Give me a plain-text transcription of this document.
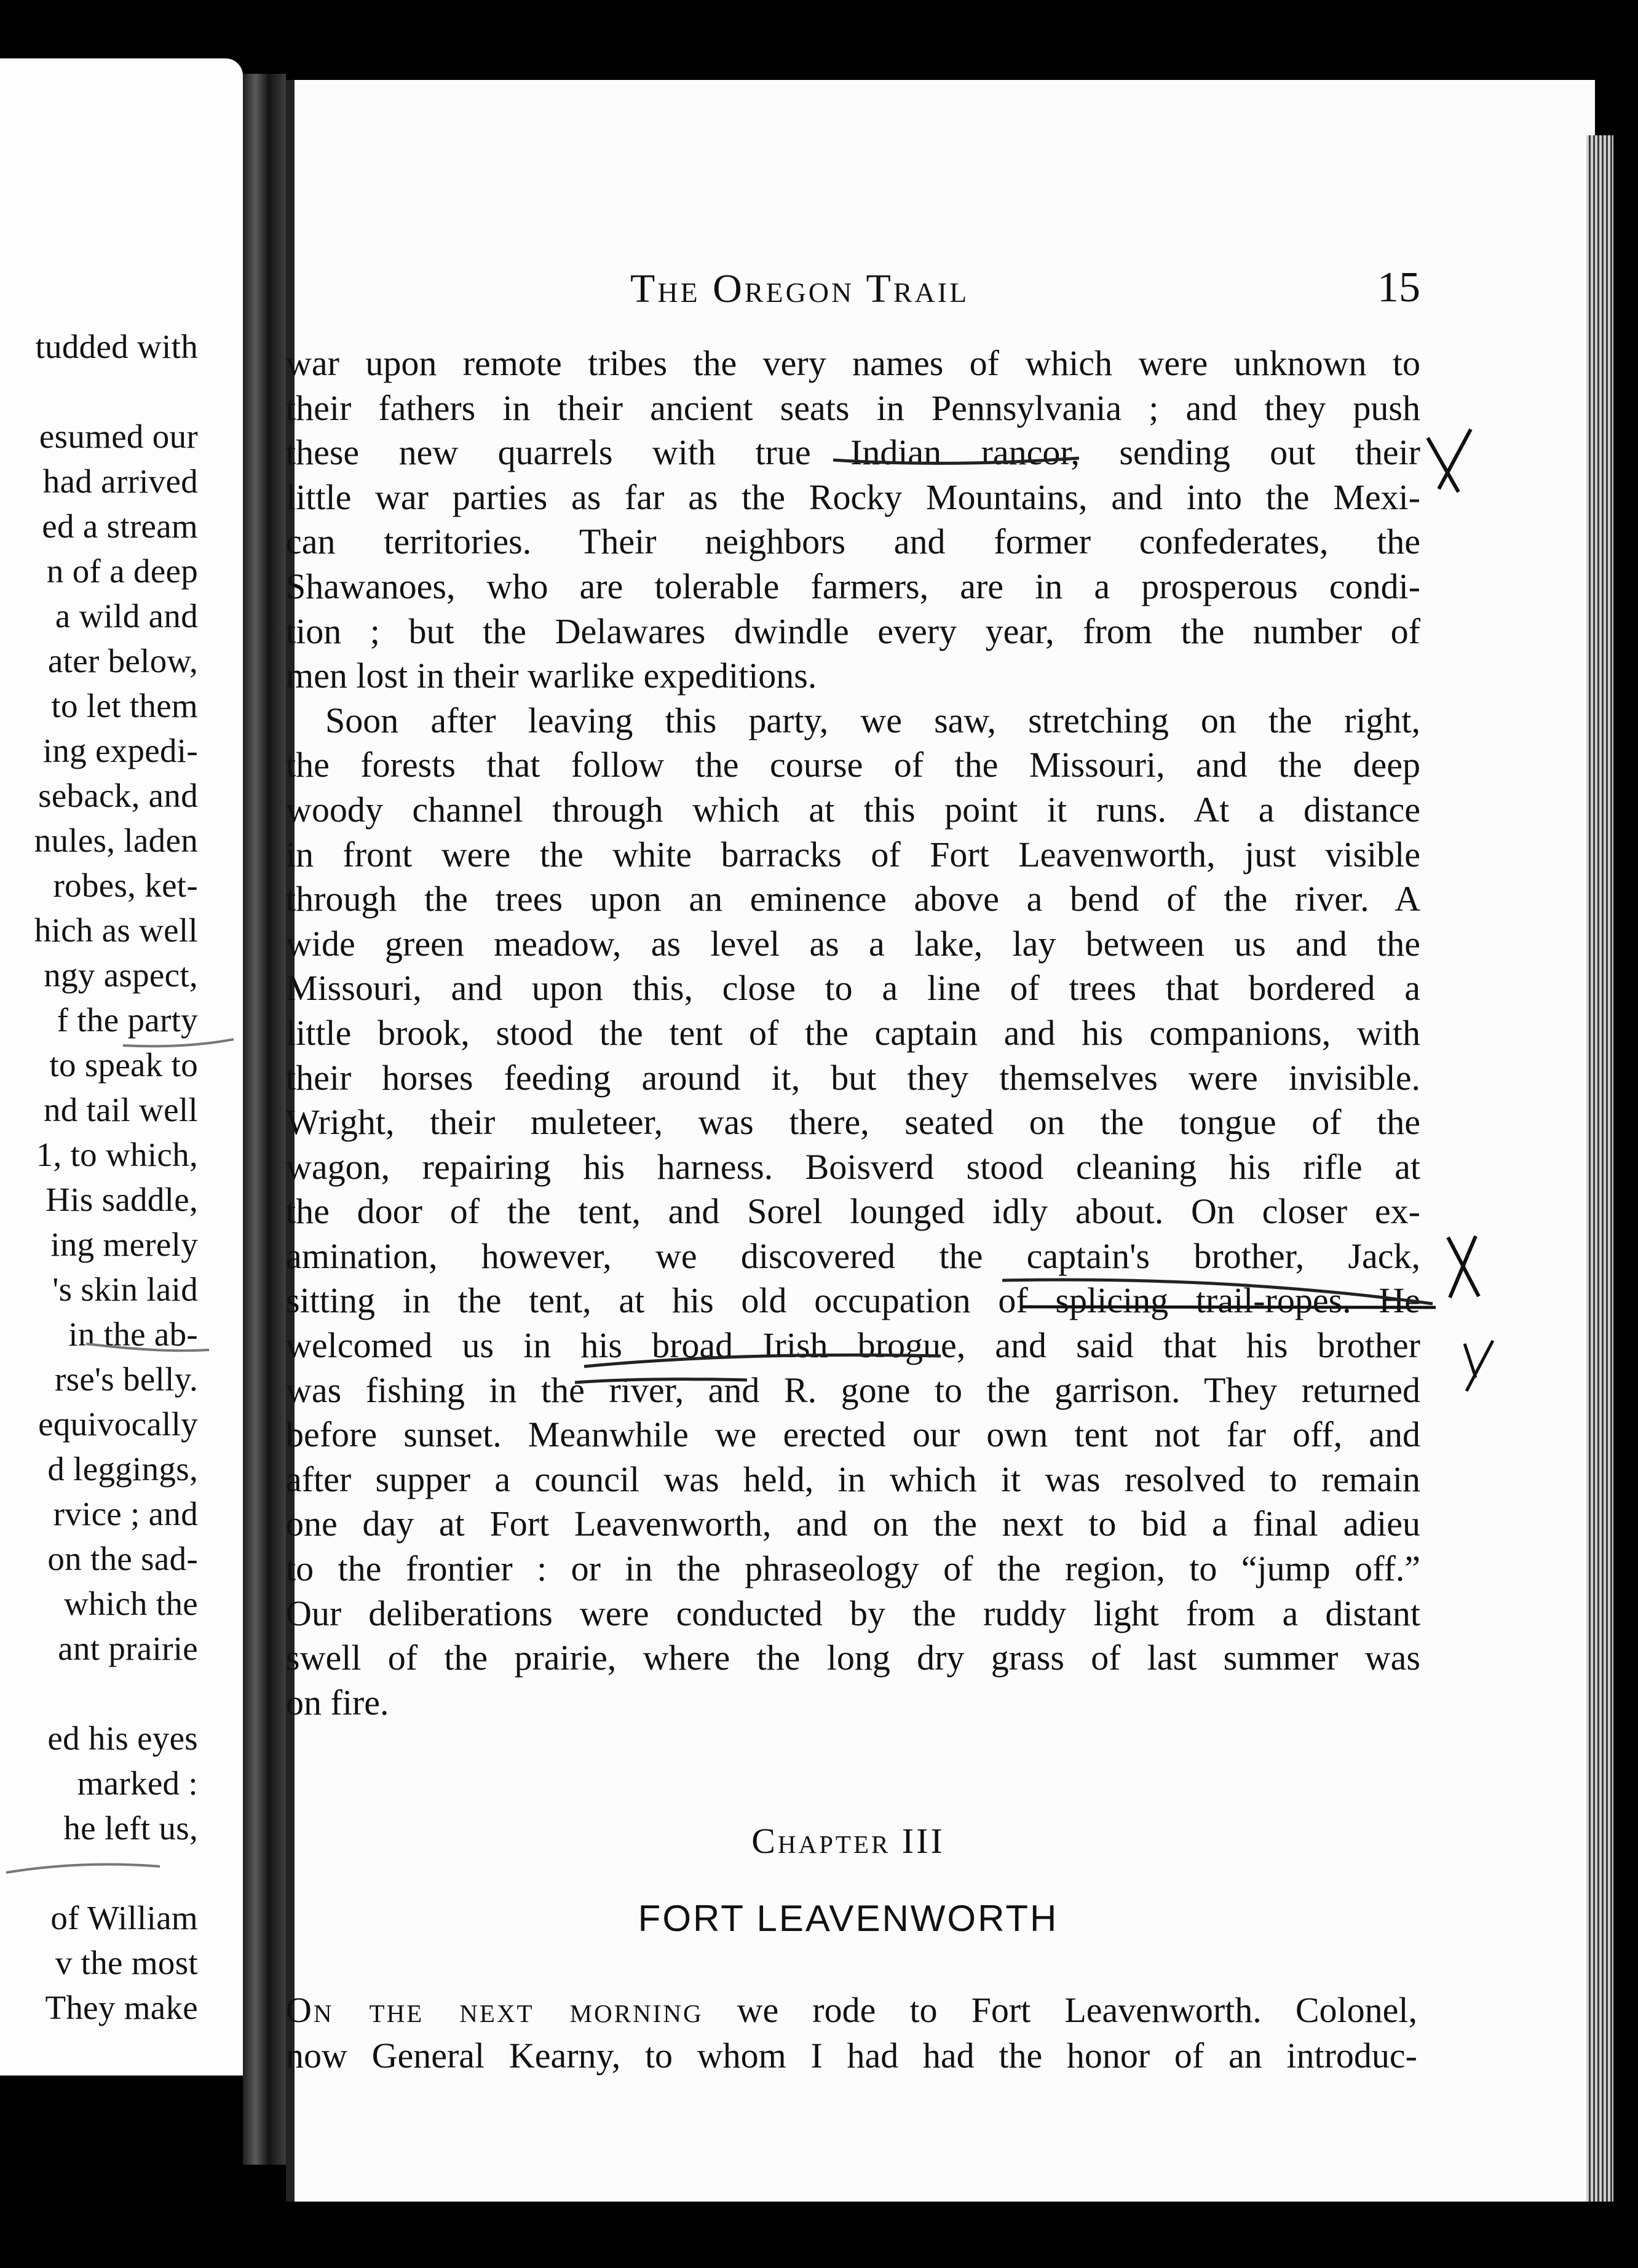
tudded with
esumed our
had arrived
ed a stream
n of a deep
a wild and
ater below,
to let them
ing expedi-
seback, and
nules, laden
robes, ket-
hich as well
ngy aspect,
f the party
to speak to
nd tail well
1, to which,
His saddle,
ing merely
's skin laid
in the ab-
rse's belly.
equivocally
d leggings,
rvice ; and
on the sad-
which the
ant prairie
ed his eyes
marked :
he left us,
of William
v the most
They make
The Oregon Trail	15
war upon remote tribes the very names of which were unknown to
their fathers in their ancient seats in Pennsylvania ; and they push
these new quarrels with true Indian rancor, sending out their
little war parties as far as the Rocky Mountains, and into the Mexi-
can territories. Their neighbors and former confederates, the
Shawanoes, who are tolerable farmers, are in a prosperous condi-
tion ; but the Delawares dwindle every year, from the number of
men lost in their warlike expeditions.
Soon after leaving this party, we saw, stretching on the right,
the forests that follow the course of the Missouri, and the deep
woody channel through which at this point it runs. At a distance
in front were the white barracks of Fort Leavenworth, just visible
through the trees upon an eminence above a bend of the river. A
wide green meadow, as level as a lake, lay between us and the
Missouri, and upon this, close to a line of trees that bordered a
little brook, stood the tent of the captain and his companions, with
their horses feeding around it, but they themselves were invisible.
Wright, their muleteer, was there, seated on the tongue of the
wagon, repairing his harness. Boisverd stood cleaning his rifle at
the door of the tent, and Sorel lounged idly about. On closer ex-
amination, however, we discovered the captain's brother, Jack,
sitting in the tent, at his old occupation of splicing trail-ropes. He
welcomed us in his broad Irish brogue, and said that his brother
was fishing in the river, and R. gone to the garrison. They returned
before sunset. Meanwhile we erected our own tent not far off, and
after supper a council was held, in which it was resolved to remain
one day at Fort Leavenworth, and on the next to bid a final adieu
to the frontier : or in the phraseology of the region, to “jump off.”
Our deliberations were conducted by the ruddy light from a distant
swell of the prairie, where the long dry grass of last summer was
on fire.
Chapter III
FORT LEAVENWORTH
On the next morning we rode to Fort Leavenworth. Colonel,
now General Kearny, to whom I had had the honor of an introduc-
